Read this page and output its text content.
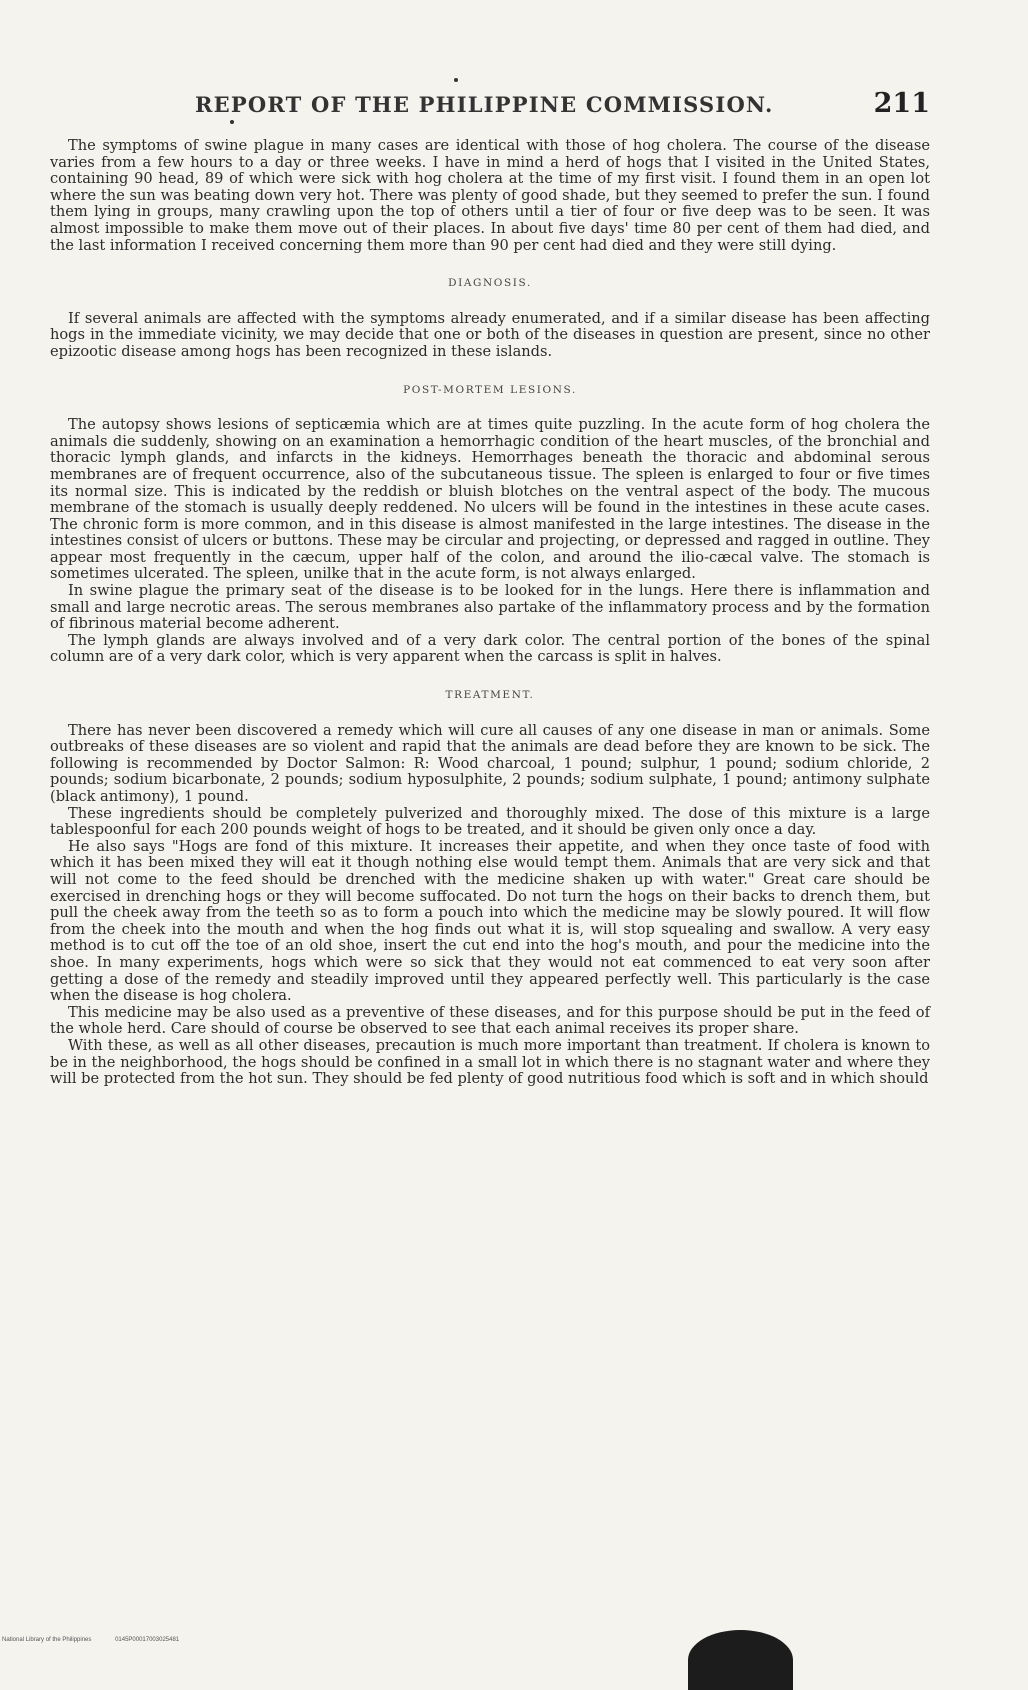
REPORT OF THE PHILIPPINE COMMISSION.	211

The symptoms of swine plague in many cases are identical with those of hog cholera. The course of the disease varies from a few hours to a day or three weeks. I have in mind a herd of hogs that I visited in the United States, containing 90 head, 89 of which were sick with hog cholera at the time of my first visit. I found them in an open lot where the sun was beating down very hot. There was plenty of good shade, but they seemed to prefer the sun. I found them lying in groups, many crawling upon the top of others until a tier of four or five deep was to be seen. It was almost impossible to make them move out of their places. In about five days' time 80 per cent of them had died, and the last information I received concerning them more than 90 per cent had died and they were still dying.

DIAGNOSIS.

If several animals are affected with the symptoms already enumerated, and if a similar disease has been affecting hogs in the immediate vicinity, we may decide that one or both of the diseases in question are present, since no other epizootic disease among hogs has been recognized in these islands.

POST-MORTEM LESIONS.

The autopsy shows lesions of septicæmia which are at times quite puzzling. In the acute form of hog cholera the animals die suddenly, showing on an examination a hemorrhagic condition of the heart muscles, of the bronchial and thoracic lymph glands, and infarcts in the kidneys. Hemorrhages beneath the thoracic and abdominal serous membranes are of frequent occurrence, also of the subcutaneous tissue. The spleen is enlarged to four or five times its normal size. This is indicated by the reddish or bluish blotches on the ventral aspect of the body. The mucous membrane of the stomach is usually deeply reddened. No ulcers will be found in the intestines in these acute cases. The chronic form is more common, and in this disease is almost manifested in the large intestines. The disease in the intestines consist of ulcers or buttons. These may be circular and projecting, or depressed and ragged in outline. They appear most frequently in the cæcum, upper half of the colon, and around the ilio-cæcal valve. The stomach is sometimes ulcerated. The spleen, unilke that in the acute form, is not always enlarged.

In swine plague the primary seat of the disease is to be looked for in the lungs. Here there is inflammation and small and large necrotic areas. The serous membranes also partake of the inflammatory process and by the formation of fibrinous material become adherent.

The lymph glands are always involved and of a very dark color. The central portion of the bones of the spinal column are of a very dark color, which is very apparent when the carcass is split in halves.

TREATMENT.

There has never been discovered a remedy which will cure all causes of any one disease in man or animals. Some outbreaks of these diseases are so violent and rapid that the animals are dead before they are known to be sick. The following is recommended by Doctor Salmon: R: Wood charcoal, 1 pound; sulphur, 1 pound; sodium chloride, 2 pounds; sodium bicarbonate, 2 pounds; sodium hyposulphite, 2 pounds; sodium sulphate, 1 pound; antimony sulphate (black antimony), 1 pound.

These ingredients should be completely pulverized and thoroughly mixed. The dose of this mixture is a large tablespoonful for each 200 pounds weight of hogs to be treated, and it should be given only once a day.

He also says "Hogs are fond of this mixture. It increases their appetite, and when they once taste of food with which it has been mixed they will eat it though nothing else would tempt them. Animals that are very sick and that will not come to the feed should be drenched with the medicine shaken up with water." Great care should be exercised in drenching hogs or they will become suffocated. Do not turn the hogs on their backs to drench them, but pull the cheek away from the teeth so as to form a pouch into which the medicine may be slowly poured. It will flow from the cheek into the mouth and when the hog finds out what it is, will stop squealing and swallow. A very easy method is to cut off the toe of an old shoe, insert the cut end into the hog's mouth, and pour the medicine into the shoe. In many experiments, hogs which were so sick that they would not eat commenced to eat very soon after getting a dose of the remedy and steadily improved until they appeared perfectly well. This particularly is the case when the disease is hog cholera.

This medicine may be also used as a preventive of these diseases, and for this purpose should be put in the feed of the whole herd. Care should of course be observed to see that each animal receives its proper share.

With these, as well as all other diseases, precaution is much more important than treatment. If cholera is known to be in the neighborhood, the hogs should be confined in a small lot in which there is no stagnant water and where they will be protected from the hot sun. They should be fed plenty of good nutritious food which is soft and in which should

National Library of the Philippines	0145P00017003025481
